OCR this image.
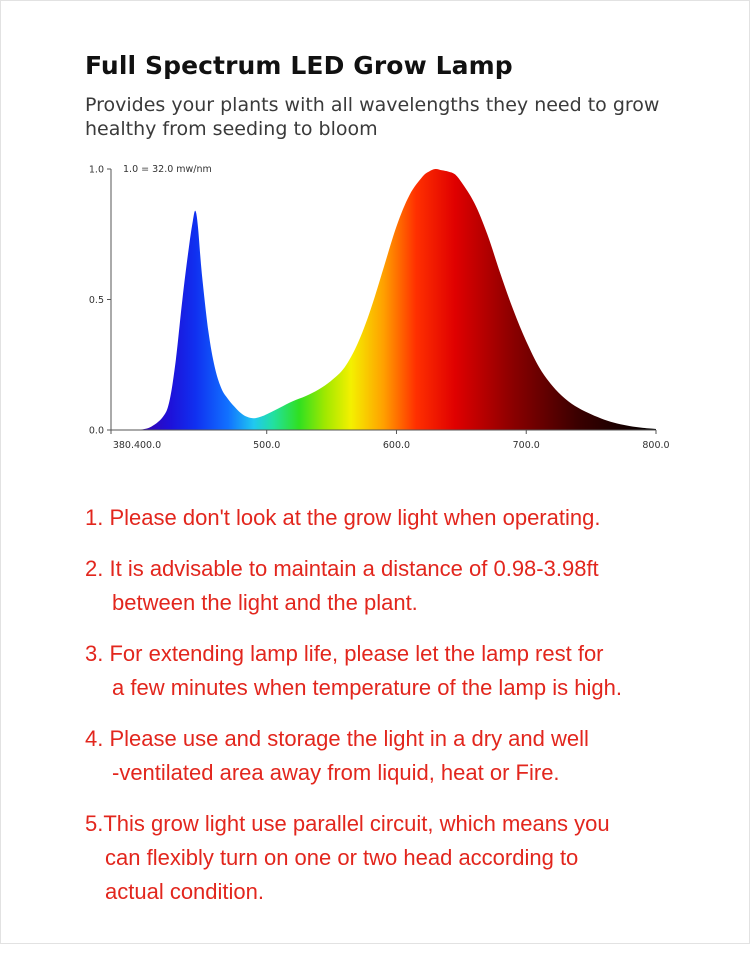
Full Spectrum LED Grow Lamp
Provides your plants with all wavelengths they need to grow healthy from seeding to bloom
0.0
0.5
1.0
380.400.0	500.0	600.0	700.0	800.0
1.0 = 32.0 mw/nm
1. Please don't look at the grow light when operating.
2. It is advisable to maintain a distance of 0.98-3.98ft
between the light and the plant.
3. For extending lamp life, please let the lamp rest for
a few minutes when temperature of the lamp is high.
4. Please use and storage the light in a dry and well
-ventilated area away from liquid, heat or Fire.
5.This grow light use parallel circuit, which means you
can flexibly turn on one or two head according to
actual condition.
